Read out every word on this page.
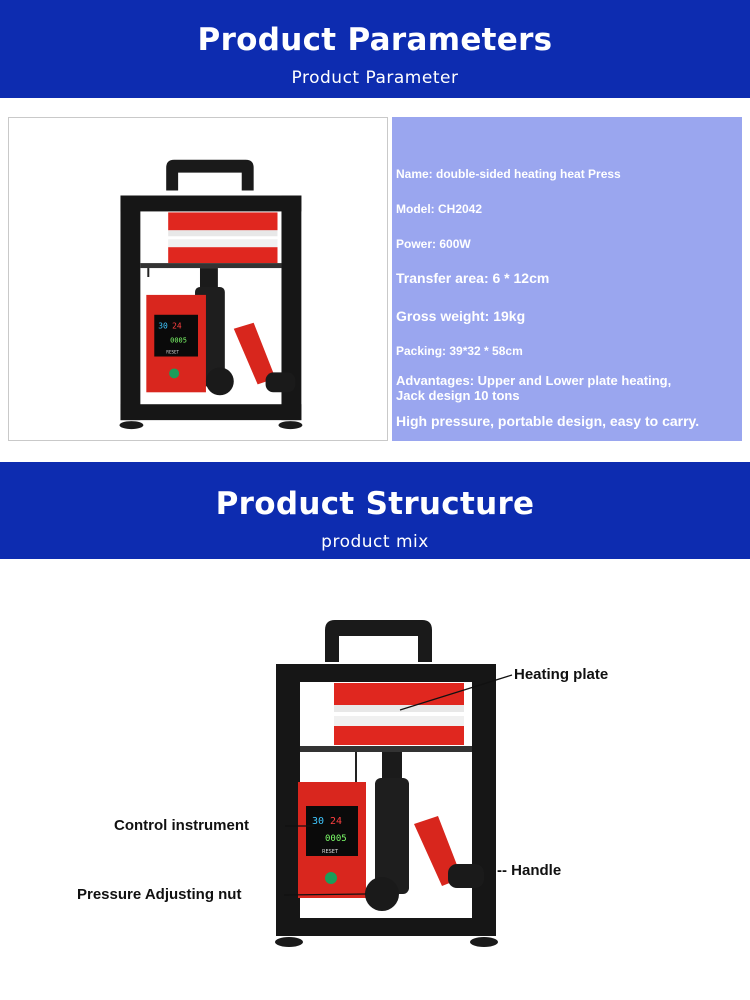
Product Parameters
Product Parameter
30 24
0005
RESET
Name: double-sided heating heat Press
Model: CH2042
Power: 600W
Transfer area: 6 * 12cm
Gross weight: 19kg
Packing: 39*32 * 58cm
Advantages: Upper and Lower plate heating,
Jack design 10 tons
High pressure, portable design, easy to carry.
Product Structure
product mix
30 24
0005
RESET
Heating plate
Control instrument
-- Handle
Pressure Adjusting nut
